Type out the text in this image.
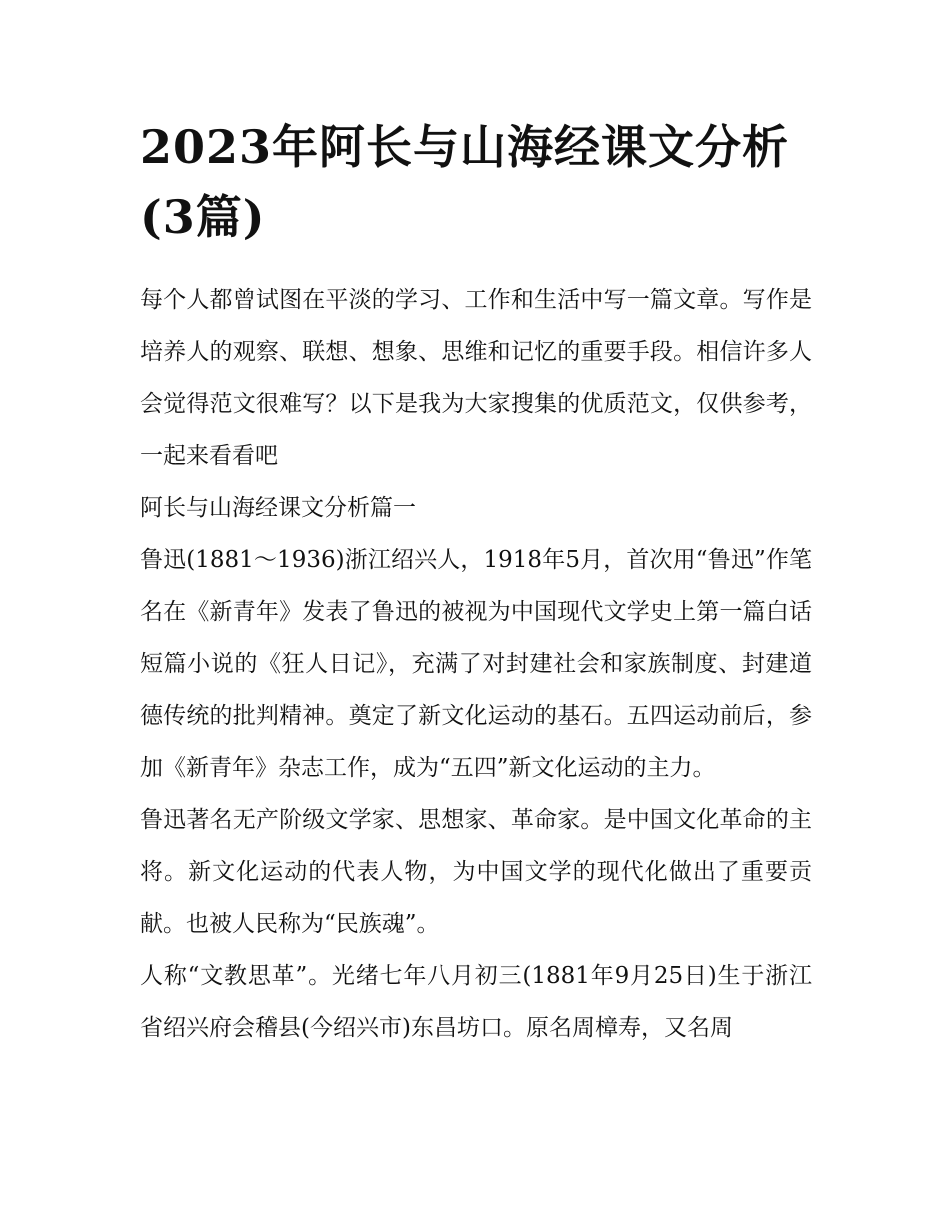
2023年阿长与山海经课文分析(3篇)

每个人都曾试图在平淡的学习、工作和生活中写一篇文章。写作是培养人的观察、联想、想象、思维和记忆的重要手段。相信许多人会觉得范文很难写？以下是我为大家搜集的优质范文，仅供参考，一起来看看吧

阿长与山海经课文分析篇一

鲁迅(1881～1936)浙江绍兴人，1918年5月，首次用“鲁迅”作笔名在《新青年》发表了鲁迅的被视为中国现代文学史上第一篇白话短篇小说的《狂人日记》，充满了对封建社会和家族制度、封建道德传统的批判精神。奠定了新文化运动的基石。五四运动前后，参加《新青年》杂志工作，成为“五四”新文化运动的主力。

鲁迅著名无产阶级文学家、思想家、革命家。是中国文化革命的主将。新文化运动的代表人物，为中国文学的现代化做出了重要贡献。也被人民称为“民族魂”。

人称“文教思革”。光绪七年八月初三(1881年9月25日)生于浙江省绍兴府会稽县(今绍兴市)东昌坊口。原名周樟寿，又名周
